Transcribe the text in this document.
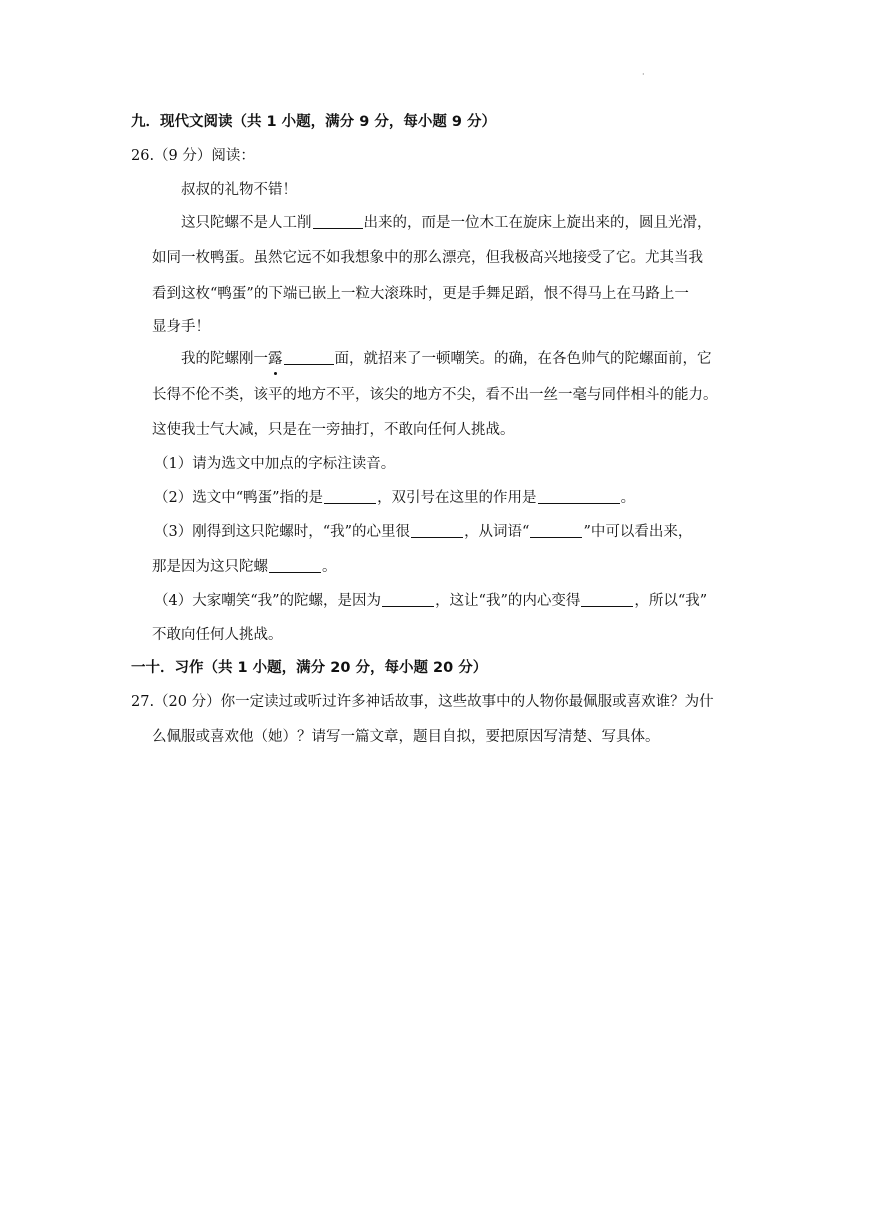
·
九．现代文阅读（共 1 小题，满分 9 分，每小题 9 分）
26.（9 分）阅读：
叔叔的礼物不错！
这只陀螺不是人工削	出来的，而是一位木工在旋床上旋出来的，圆且光滑，
如同一枚鸭蛋。虽然它远不如我想象中的那么漂亮，但我极高兴地接受了它。尤其当我
看到这枚“鸭蛋”的下端已嵌上一粒大滚珠时，更是手舞足蹈，恨不得马上在马路上一
显身手！
我的陀螺刚一露	面，就招来了一顿嘲笑。的确，在各色帅气的陀螺面前，它
长得不伦不类，该平的地方不平，该尖的地方不尖，看不出一丝一毫与同伴相斗的能力。
这使我士气大减，只是在一旁抽打，不敢向任何人挑战。
（1）请为选文中加点的字标注读音。
（2）选文中“鸭蛋”指的是	，双引号在这里的作用是	。
（3）刚得到这只陀螺时，“我”的心里很	，从词语“	”中可以看出来，
那是因为这只陀螺	。
（4）大家嘲笑“我”的陀螺，是因为	，这让“我”的内心变得	，所以“我”
不敢向任何人挑战。
一十．习作（共 1 小题，满分 20 分，每小题 20 分）
27.（20 分）你一定读过或听过许多神话故事，这些故事中的人物你最佩服或喜欢谁？为什
么佩服或喜欢他（她）？请写一篇文章，题目自拟，要把原因写清楚、写具体。
